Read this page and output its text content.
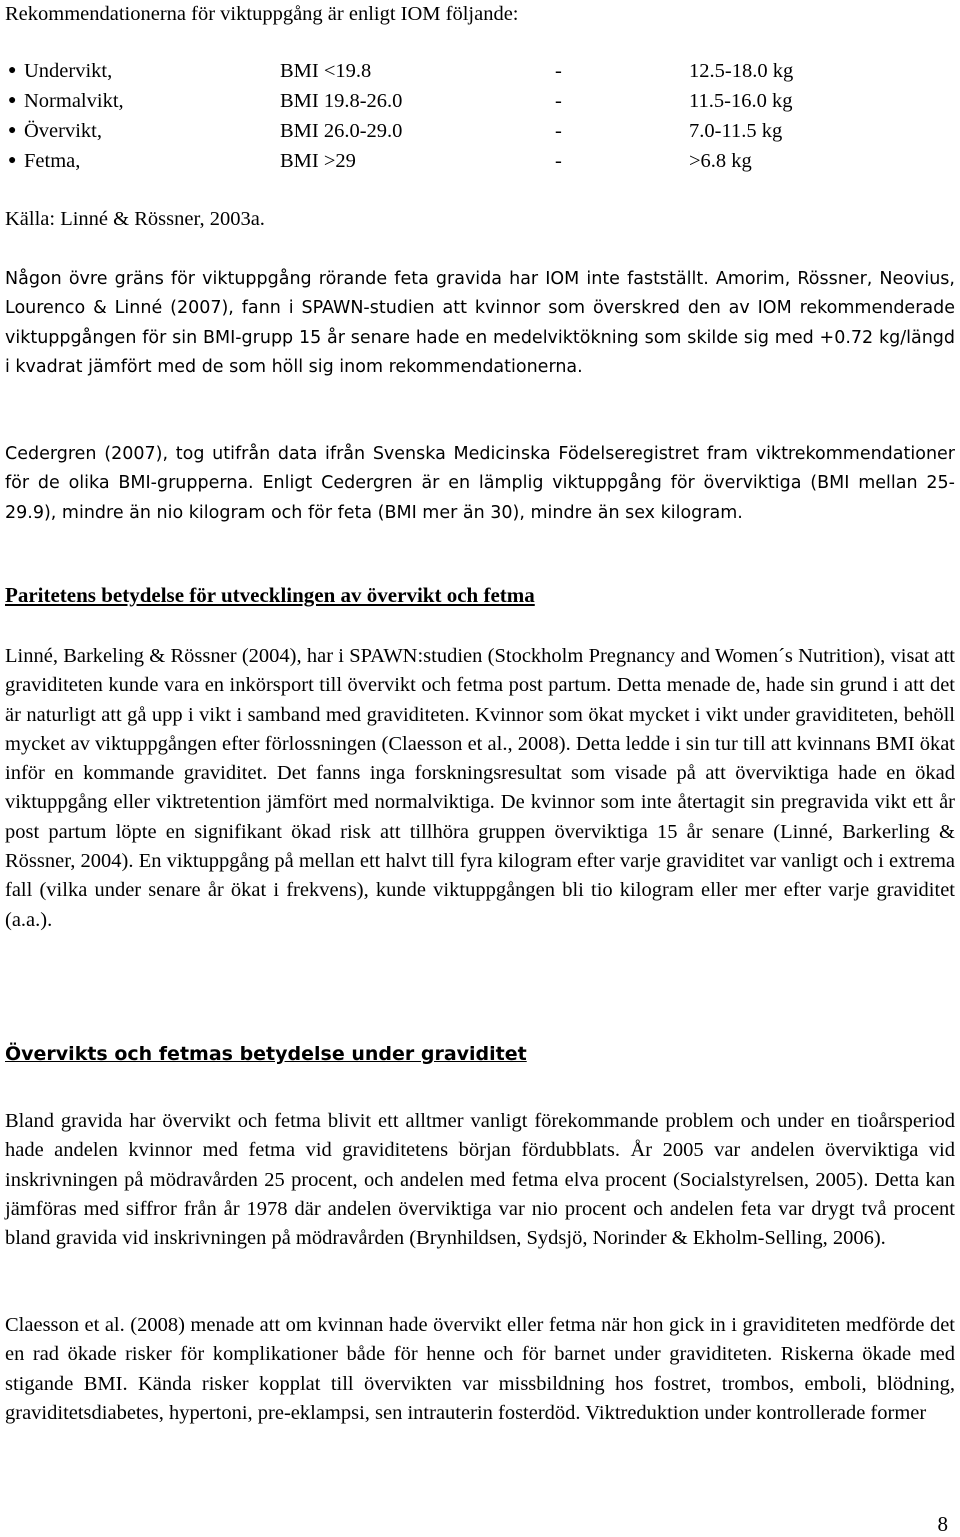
Rekommendationerna för viktuppgång är enligt IOM följande:
● Undervikt,	BMI <19.8	-	12.5-18.0 kg
● Normalvikt,	BMI 19.8-26.0	-	11.5-16.0 kg
● Övervikt,	BMI 26.0-29.0	-	7.0-11.5 kg
● Fetma,	BMI >29	-	>6.8 kg
Källa: Linné & Rössner, 2003a.
Någon övre gräns för viktuppgång rörande feta gravida har IOM inte fastställt. Amorim, Rössner, Neovius, Lourenco & Linné (2007), fann i SPAWN-studien att kvinnor som överskred den av IOM rekommenderade viktuppgången för sin BMI-grupp 15 år senare hade en medelviktökning som skilde sig med +0.72 kg/längd i kvadrat jämfört med de som höll sig inom rekommendationerna.
Cedergren (2007), tog utifrån data ifrån Svenska Medicinska Födelseregistret fram viktrekommendationer för de olika BMI-grupperna. Enligt Cedergren är en lämplig viktuppgång för överviktiga (BMI mellan 25-29.9), mindre än nio kilogram och för feta (BMI mer än 30), mindre än sex kilogram.
Paritetens betydelse för utvecklingen av övervikt och fetma
Linné, Barkeling & Rössner (2004), har i SPAWN:studien (Stockholm Pregnancy and Women´s Nutrition), visat att graviditeten kunde vara en inkörsport till övervikt och fetma post partum. Detta menade de, hade sin grund i att det är naturligt att gå upp i vikt i samband med graviditeten. Kvinnor som ökat mycket i vikt under graviditeten, behöll mycket av viktuppgången efter förlossningen (Claesson et al., 2008). Detta ledde i sin tur till att kvinnans BMI ökat inför en kommande graviditet. Det fanns inga forskningsresultat som visade på att överviktiga hade en ökad viktuppgång eller viktretention jämfört med normalviktiga. De kvinnor som inte återtagit sin pregravida vikt ett år post partum löpte en signifikant ökad risk att tillhöra gruppen överviktiga 15 år senare (Linné, Barkerling & Rössner, 2004). En viktuppgång på mellan ett halvt till fyra kilogram efter varje graviditet var vanligt och i extrema fall (vilka under senare år ökat i frekvens), kunde viktuppgången bli tio kilogram eller mer efter varje graviditet (a.a.).
Övervikts och fetmas betydelse under graviditet
Bland gravida har övervikt och fetma blivit ett alltmer vanligt förekommande problem och under en tioårsperiod hade andelen kvinnor med fetma vid graviditetens början fördubblats. År 2005 var andelen överviktiga vid inskrivningen på mödravården 25 procent, och andelen med fetma elva procent (Socialstyrelsen, 2005). Detta kan jämföras med siffror från år 1978 där andelen överviktiga var nio procent och andelen feta var drygt två procent bland gravida vid inskrivningen på mödravården (Brynhildsen, Sydsjö, Norinder & Ekholm-Selling, 2006).
Claesson et al. (2008) menade att om kvinnan hade övervikt eller fetma när hon gick in i graviditeten medförde det en rad ökade risker för komplikationer både för henne och för barnet under graviditeten. Riskerna ökade med stigande BMI. Kända risker kopplat till övervikten var missbildning hos fostret, trombos, emboli, blödning, graviditetsdiabetes, hypertoni, pre-eklampsi, sen intrauterin fosterdöd. Viktreduktion under kontrollerade former
8
